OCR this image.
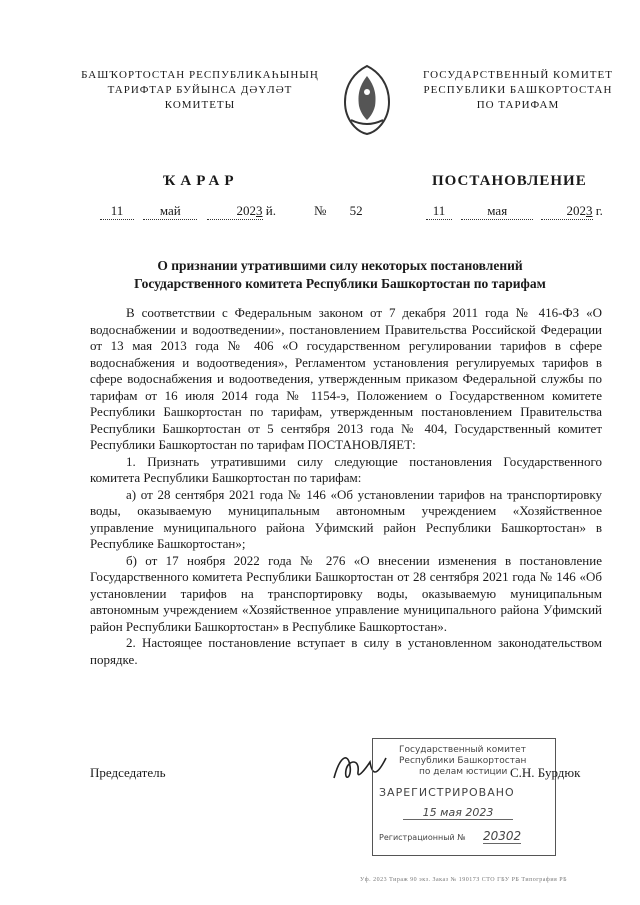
БАШҠОРТОСТАН РЕСПУБЛИКАҺЫНЫҢ
ТАРИФТАР БУЙЫНСА ДӘҮЛӘТ
КОМИТЕТЫ
ГОСУДАРСТВЕННЫЙ КОМИТЕТ
РЕСПУБЛИКИ БАШКОРТОСТАН
ПО ТАРИФАМ
ҠАРАР	ПОСТАНОВЛЕНИЕ
11	май	2023 й.	№ 52	11	мая	2023 г.
О признании утратившими силу некоторых постановлений
Государственного комитета Республики Башкортостан по тарифам

В соответствии с Федеральным законом от 7 декабря 2011 года № 416-ФЗ «О водоснабжении и водоотведении», постановлением Правительства Российской Федерации от 13 мая 2013 года № 406 «О государственном регулировании тарифов в сфере водоснабжения и водоотведения», Регламентом установления регулируемых тарифов в сфере водоснабжения и водоотведения, утвержденным приказом Федеральной службы по тарифам от 16 июля 2014 года № 1154-э, Положением о Государственном комитете Республики Башкортостан по тарифам, утвержденным постановлением Правительства Республики Башкортостан от 5 сентября 2013 года № 404, Государственный комитет Республики Башкортостан по тарифам ПОСТАНОВЛЯЕТ:

1. Признать утратившими силу следующие постановления Государственного комитета Республики Башкортостан по тарифам:

а) от 28 сентября 2021 года № 146 «Об установлении тарифов на транспортировку воды, оказываемую муниципальным автономным учреждением «Хозяйственное управление муниципального района Уфимский район Республики Башкортостан» в Республике Башкортостан»;

б) от 17 ноября 2022 года № 276 «О внесении изменения в постановление Государственного комитета Республики Башкортостан от 28 сентября 2021 года № 146 «Об установлении тарифов на транспортировку воды, оказываемую муниципальным автономным учреждением «Хозяйственное управление муниципального района Уфимский район Республики Башкортостан» в Республике Башкортостан».

2. Настоящее постановление вступает в силу в установленном законодательством порядке.

Председатель
Государственный комитет
Республики Башкортостан
по делам юстиции
ЗАРЕГИСТРИРОВАНО
15 мая 2023
Регистрационный № 20302
С.Н. Бурдюк
Уф. 2023 Тираж 90 экз. Заказ № 19017З СТО ГБУ РБ Типография РБ
